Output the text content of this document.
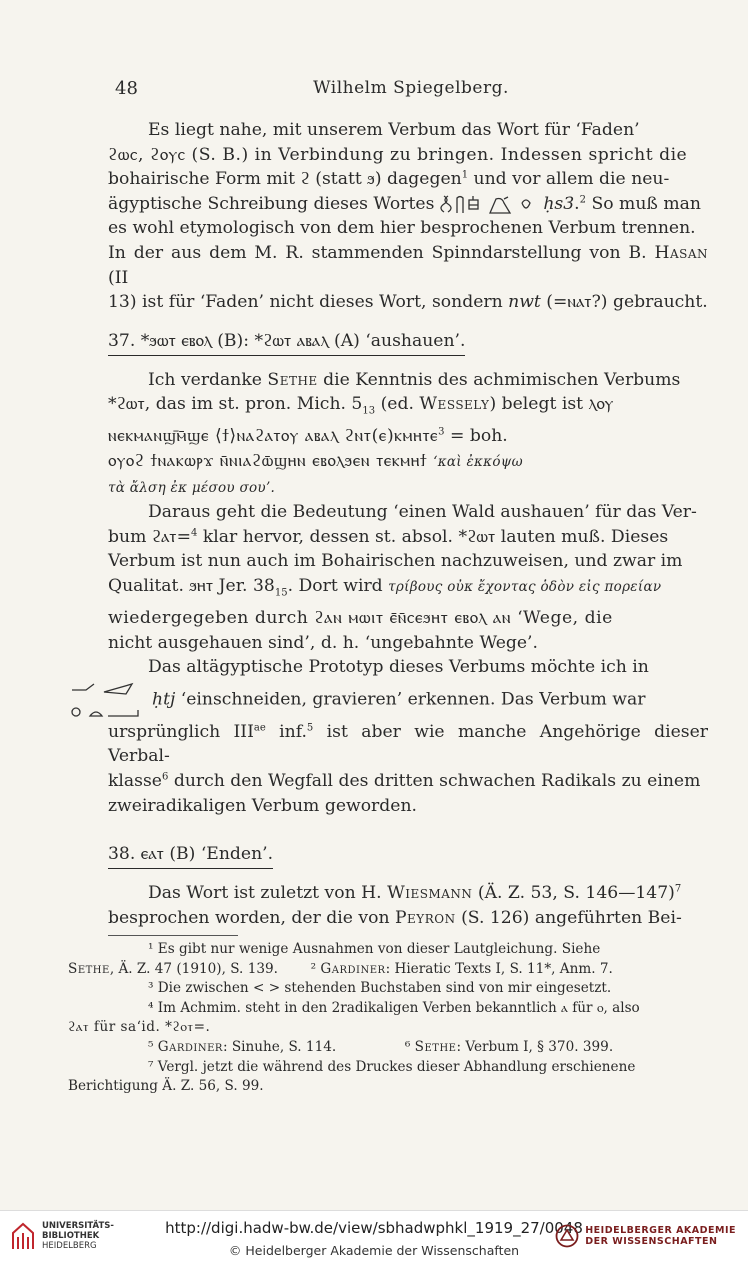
48	Wilhelm Spiegelberg.

Es liegt nahe, mit unserem Verbum das Wort für ‘Faden’
ϩⲱⲥ, ϩⲟⲩⲥ (S. B.) in Verbindung zu bringen. Indessen spricht die
bohairische Form mit ϩ (statt ϧ) dagegen$^1$ und vor allem die neu-
ägyptische Schreibung dieses Wortes	ḥs3.$^2$ So muß man
es wohl etymologisch von dem hier besprochenen Verbum trennen.
In der aus dem M. R. stammenden Spinndarstellung von B. Hasan (II
13) ist für ‘Faden’ nicht dieses Wort, sondern nwt (=ⲛⲁⲧ?) gebraucht.

37. *ϧⲱⲧ ⲉⲃⲟⲗ (B): *ϩⲱⲧ ⲁⲃⲁⲗ (A) ‘aushauen’.

Ich verdanke Sethe die Kenntnis des achmimischen Verbums
*ϩⲱⲧ, das im st. pron. Mich. $5_{13}$ (ed. Wessely) belegt ist ⲗⲟⲩ
ⲛⲉⲕⲙⲁⲛϣ̄ⲙ̄ϣⲉ ⟨ϯ⟩ⲛⲁϩⲁⲧⲟⲩ ⲁⲃⲁⲗ ϩⲛⲧ(ⲉ)ⲕⲙⲏⲧⲉ$^3$ = boh.
ⲟⲩⲟϩ ϯⲛⲁⲕⲱⲣϫ ⲛ̄ⲛⲓⲁϩⲱ̄ϣⲏⲛ ⲉⲃⲟⲗϧⲉⲛ ⲧⲉⲕⲙⲏϯ ‘καὶ ἐκκόψω
τὰ ἄλση ἐκ μέσου σου’.

Daraus geht die Bedeutung ‘einen Wald aushauen’ für das Ver-
bum ϩⲁⲧ=$^4$ klar hervor, dessen st. absol. *ϩⲱⲧ lauten muß. Dieses
Verbum ist nun auch im Bohairischen nachzuweisen, und zwar im
Qualitat. ϧⲏⲧ Jer. $38_{15}$. Dort wird τρίβους οὐκ ἔχοντας ὁδὸν εἰς πορείαν
wiedergegeben durch ϩⲁⲛ ⲙⲱⲓⲧ ⲉ̄ⲛ̄ⲥⲉϧⲏⲧ ⲉⲃⲟⲗ ⲁⲛ ‘Wege, die
nicht ausgehauen sind’, d. h. ‘ungebahnte Wege’.

Das altägyptische Prototyp dieses Verbums möchte ich in

ḥtj ‘einschneiden, gravieren’ erkennen. Das Verbum war
ursprünglich $III^{ae}$ inf.$^5$ ist aber wie manche Angehörige dieser Verbal-
klasse$^6$ durch den Wegfall des dritten schwachen Radikals zu einem
zweiradikaligen Verbum geworden.

38. ⲉⲁⲧ (B) ‘Enden’.

Das Wort ist zuletzt von H. Wiesmann (Ä. Z. 53, S. 146—147)$^7$
besprochen worden, der die von Peyron (S. 126) angeführten Bei-

¹ Es gibt nur wenige Ausnahmen von dieser Lautgleichung. Siehe
Sethe, Ä. Z. 47 (1910), S. 139. ² Gardiner: Hieratic Texts I, S. 11*, Anm. 7.

³ Die zwischen < > stehenden Buchstaben sind von mir eingesetzt.

⁴ Im Achmim. steht in den 2radikaligen Verben bekanntlich ⲁ für ⲟ, also
ϩⲁⲧ für sa‘id. *ϩⲟⲧ=.

⁵ Gardiner: Sinuhe, S. 114.	⁶ Sethe: Verbum I, § 370. 399.

⁷ Vergl. jetzt die während des Druckes dieser Abhandlung erschienene
Berichtigung Ä. Z. 56, S. 99.

UNIVERSITÄTS-
BIBLIOTHEK
HEIDELBERG
http://digi.hadw-bw.de/view/sbhadwphkl_1919_27/0048
© Heidelberger Akademie der Wissenschaften
HEIDELBERGER AKADEMIE
DER WISSENSCHAFTEN
